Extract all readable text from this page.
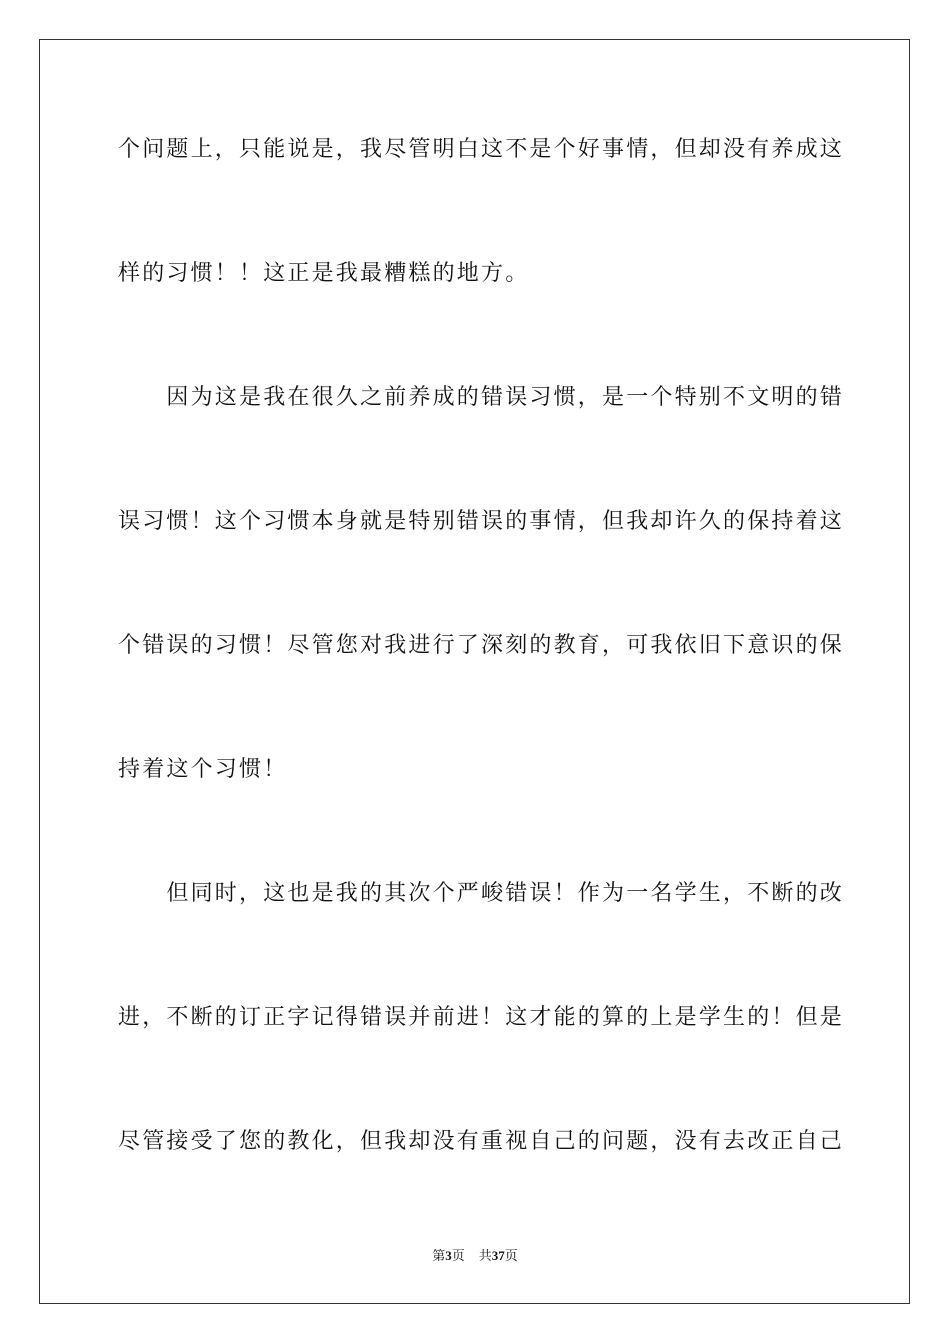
个问题上，只能说是，我尽管明白这不是个好事情，但却没有养成这
样的习惯！！这正是我最糟糕的地方。
　　因为这是我在很久之前养成的错误习惯，是一个特别不文明的错
误习惯！这个习惯本身就是特别错误的事情，但我却许久的保持着这
个错误的习惯！尽管您对我进行了深刻的教育，可我依旧下意识的保
持着这个习惯！
　　但同时，这也是我的其次个严峻错误！作为一名学生，不断的改
进，不断的订正字记得错误并前进！这才能的算的上是学生的！但是
尽管接受了您的教化，但我却没有重视自己的问题，没有去改正自己
第3页 共37页
